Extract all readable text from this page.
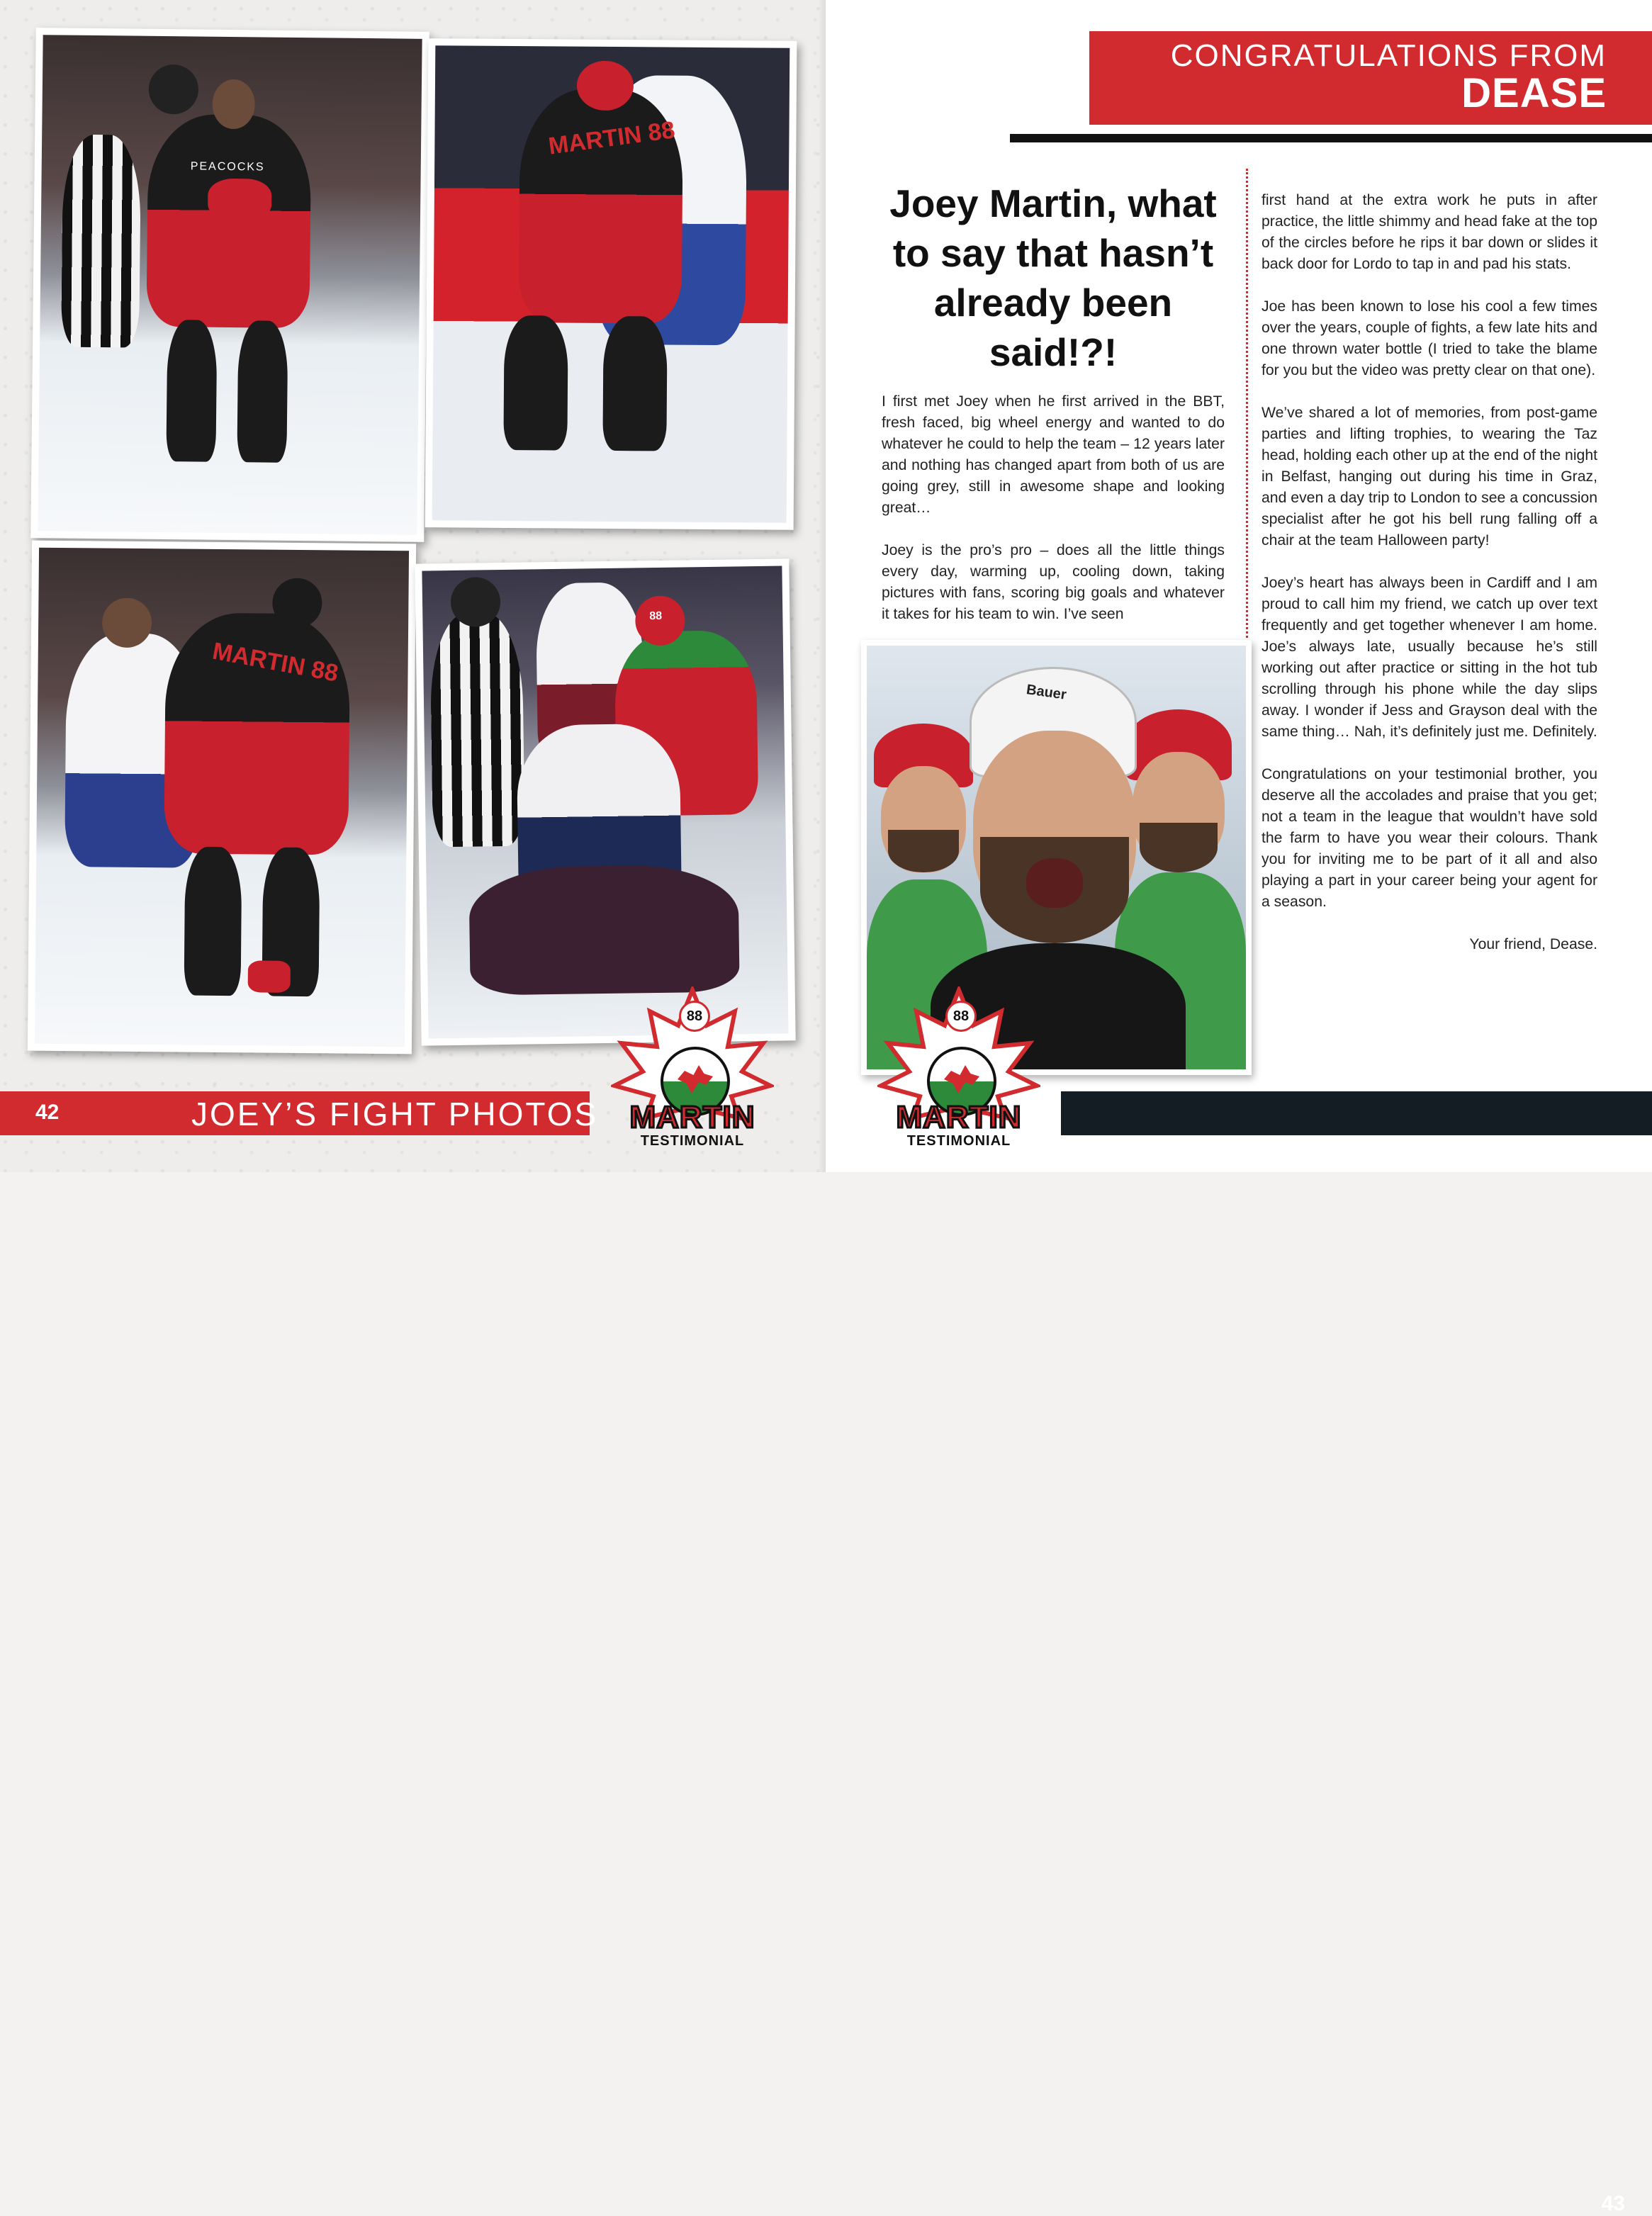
PEACOCKS
MARTIN 88
MARTIN 88
88
42	JOEY’S FIGHT PHOTOS
88
MARTIN
TESTIMONIAL
CONGRATULATIONS FROM
DEASE
Joey Martin, what to say that hasn’t already been said!?!

I first met Joey when he first arrived in the BBT, fresh faced, big wheel energy and wanted to do whatever he could to help the team – 12 years later and nothing has changed apart from both of us are going grey, still in awesome shape and looking great…

Joey is the pro’s pro – does all the little things every day, warming up, cooling down, taking pictures with fans, scoring big goals and whatever it takes for his team to win. I’ve seen

first hand at the extra work he puts in after practice, the little shimmy and head fake at the top of the circles before he rips it bar down or slides it back door for Lordo to tap in and pad his stats.

Joe has been known to lose his cool a few times over the years, couple of fights, a few late hits and one thrown water bottle (I tried to take the blame for you but the video was pretty clear on that one).

We’ve shared a lot of memories, from post-game parties and lifting trophies, to wearing the Taz head, holding each other up at the end of the night in Belfast, hanging out during his time in Graz, and even a day trip to London to see a concussion specialist after he got his bell rung falling off a chair at the team Halloween party!

Joey’s heart has always been in Cardiff and I am proud to call him my friend, we catch up over text frequently and get together whenever I am home. Joe’s always late, usually because he’s still working out after practice or sitting in the hot tub scrolling through his phone while the day slips away. I wonder if Jess and Grayson deal with the same thing… Nah, it’s definitely just me. Definitely.

Congratulations on your testimonial brother, you deserve all the accolades and praise that you get; not a team in the league that wouldn’t have sold the farm to have you wear their colours. Thank you for inviting me to be part of it all and also playing a part in your career being your agent for a season.

Your friend, Dease.

Bauer
88
MARTIN
TESTIMONIAL
43
